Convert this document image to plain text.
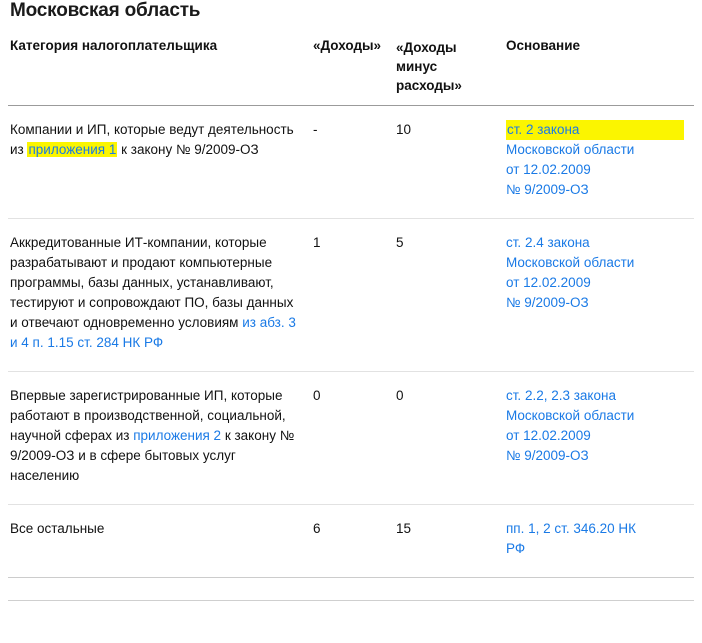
Московская область
Категория налогоплательщика	«Доходы»	«Доходы
минус
расходы»	Основание
Компании и ИП, которые ведут деятельность из приложения 1 к закону № 9/2009-ОЗ	-	10	ст. 2 закона
Московской области
от 12.02.2009
№ 9/2009-ОЗ

Аккредитованные ИТ-компании, которые разрабатывают и продают компьютерные программы, базы данных, устанавливают, тестируют и сопровождают ПО, базы данных и отвечают одновременно условиям из абз. 3 и 4 п. 1.15 ст. 284 НК РФ	1	5	ст. 2.4 закона
Московской области
от 12.02.2009
№ 9/2009-ОЗ

Впервые зарегистрированные ИП, которые работают в производственной, социальной, научной сферах из приложения 2 к закону № 9/2009-ОЗ и в сфере бытовых услуг населению	0	0	ст. 2.2, 2.3 закона
Московской области
от 12.02.2009
№ 9/2009-ОЗ

Все остальные	6	15	пп. 1, 2 ст. 346.20 НК
РФ
